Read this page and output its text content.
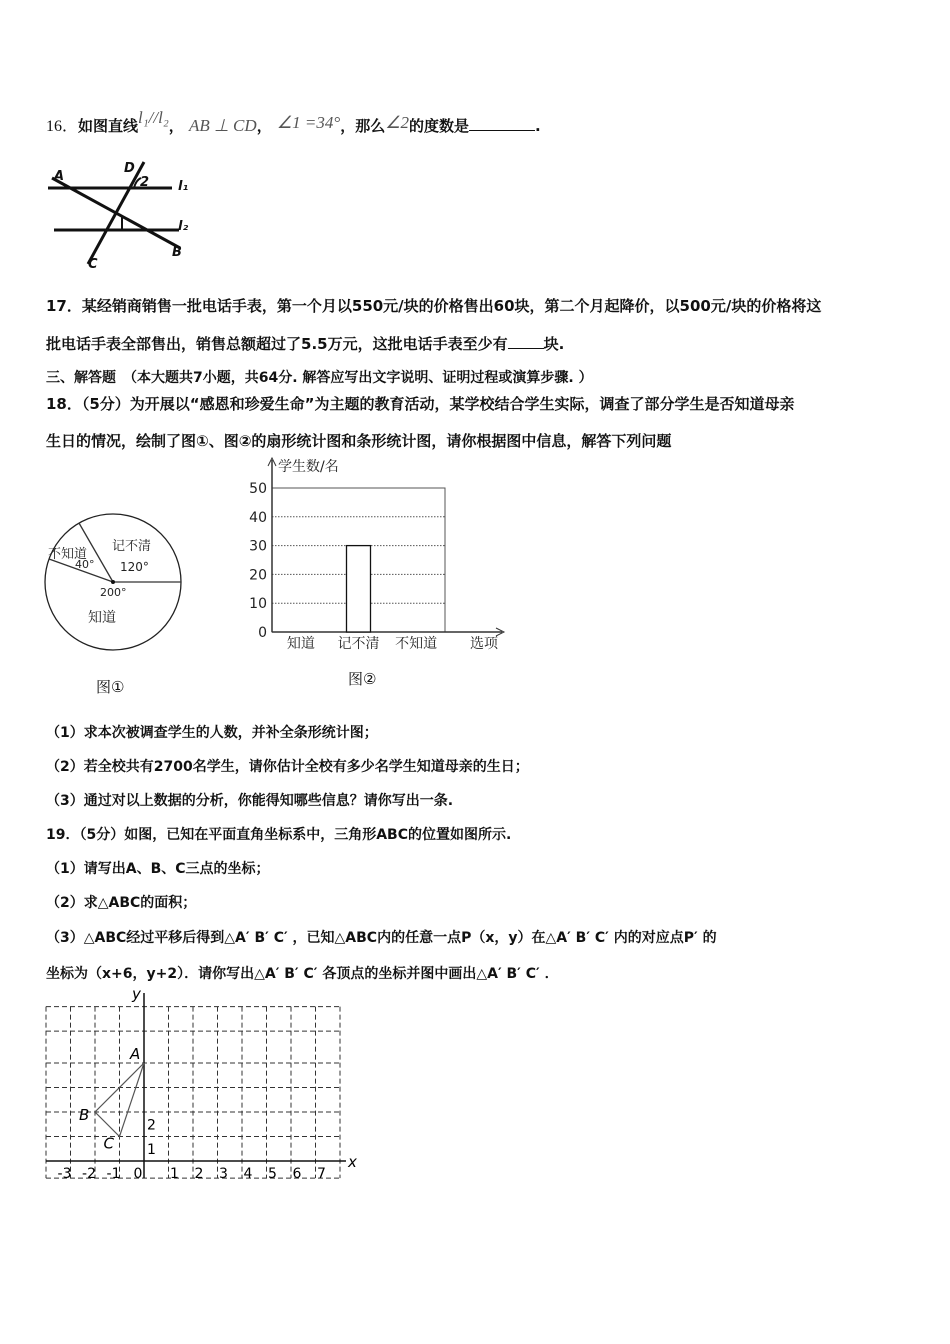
16．如图直线l₁//l₂， AB ⊥ CD， ∠1 =34°，那么∠2的度数是	.
A
D
2 l₁
l₂
B
C
17．某经销商销售一批电话手表，第一个月以550元/块的价格售出60块，第二个月起降价，以500元/块的价格将这
批电话手表全部售出，销售总额超过了5.5万元，这批电话手表至少有 块.
三、解答题　（本大题共7小题，共64分. 解答应写出文字说明、证明过程或演算步骤. ）
18．（5分）为开展以“感恩和珍爱生命”为主题的教育活动，某学校结合学生实际，调查了部分学生是否知道母亲
生日的情况，绘制了图①、图②的扇形统计图和条形统计图，请你根据图中信息，解答下列问题
记不清
120°
不知道
40°
200°
知道
图①
0
10
20
30
40
50
学生数/名
选项
知道 记不清 不知道
图②
（1）求本次被调查学生的人数，并补全条形统计图；
（2）若全校共有2700名学生，请你估计全校有多少名学生知道母亲的生日；
（3）通过对以上数据的分析，你能得知哪些信息？请你写出一条.
19．（5分）如图，已知在平面直角坐标系中，三角形ABC的位置如图所示.
（1）请写出A、B、C三点的坐标；
（2）求△ABC的面积；
（3）△ABC经过平移后得到△A′ B′ C′ ，已知△ABC内的任意一点P（x，y）在△A′ B′ C′ 内的对应点P′ 的
坐标为（x+6，y+2）．请你写出△A′ B′ C′ 各顶点的坐标并图中画出△A′ B′ C′ ．
x
y
-3 -2 -1 0 1 2 3 4 5 6 7
1
2
A
B
C
